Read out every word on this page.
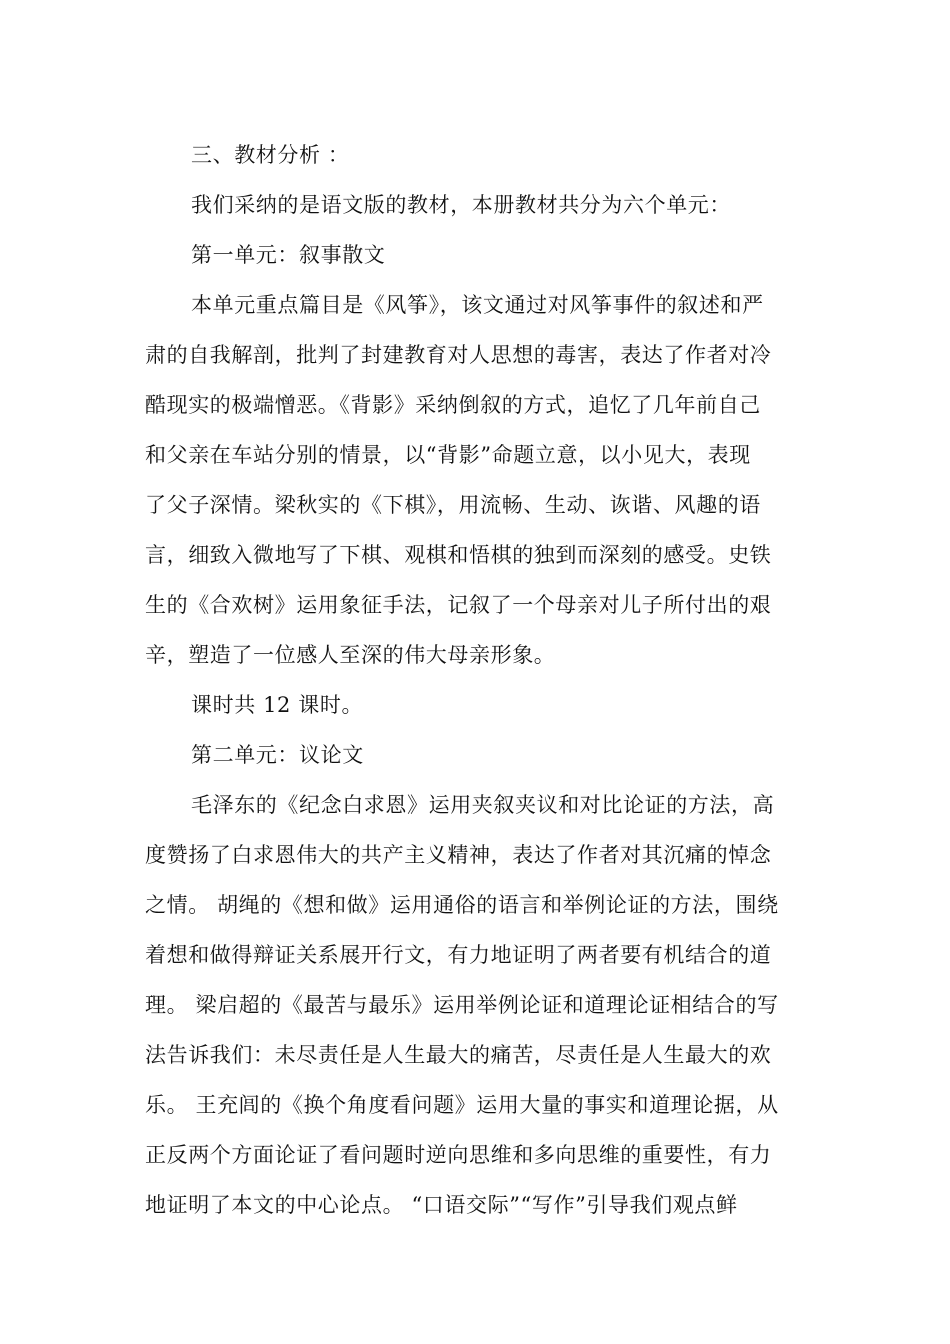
三、教材分析 ：
我们采纳的是语文版的教材，本册教材共分为六个单元：
第一单元：叙事散文
本单元重点篇目是《风筝》，该文通过对风筝事件的叙述和严
肃的自我解剖，批判了封建教育对人思想的毒害，表达了作者对冷
酷现实的极端憎恶。《背影》采纳倒叙的方式，追忆了几年前自己
和父亲在车站分别的情景，以“背影”命题立意，以小见大，表现
了父子深情。梁秋实的《下棋》，用流畅、生动、诙谐、风趣的语
言，细致入微地写了下棋、观棋和悟棋的独到而深刻的感受。史铁
生的《合欢树》运用象征手法，记叙了一个母亲对儿子所付出的艰
辛，塑造了一位感人至深的伟大母亲形象。
课时共 12 课时。
第二单元：议论文
毛泽东的《纪念白求恩》运用夹叙夹议和对比论证的方法，高
度赞扬了白求恩伟大的共产主义精神，表达了作者对其沉痛的悼念
之情。 胡绳的《想和做》运用通俗的语言和举例论证的方法，围绕
着想和做得辩证关系展开行文，有力地证明了两者要有机结合的道
理。 梁启超的《最苦与最乐》运用举例论证和道理论证相结合的写
法告诉我们：未尽责任是人生最大的痛苦，尽责任是人生最大的欢
乐。 王充闾的《换个角度看问题》运用大量的事实和道理论据，从
正反两个方面论证了看问题时逆向思维和多向思维的重要性，有力
地证明了本文的中心论点。 “口语交际”“写作”引导我们观点鲜
